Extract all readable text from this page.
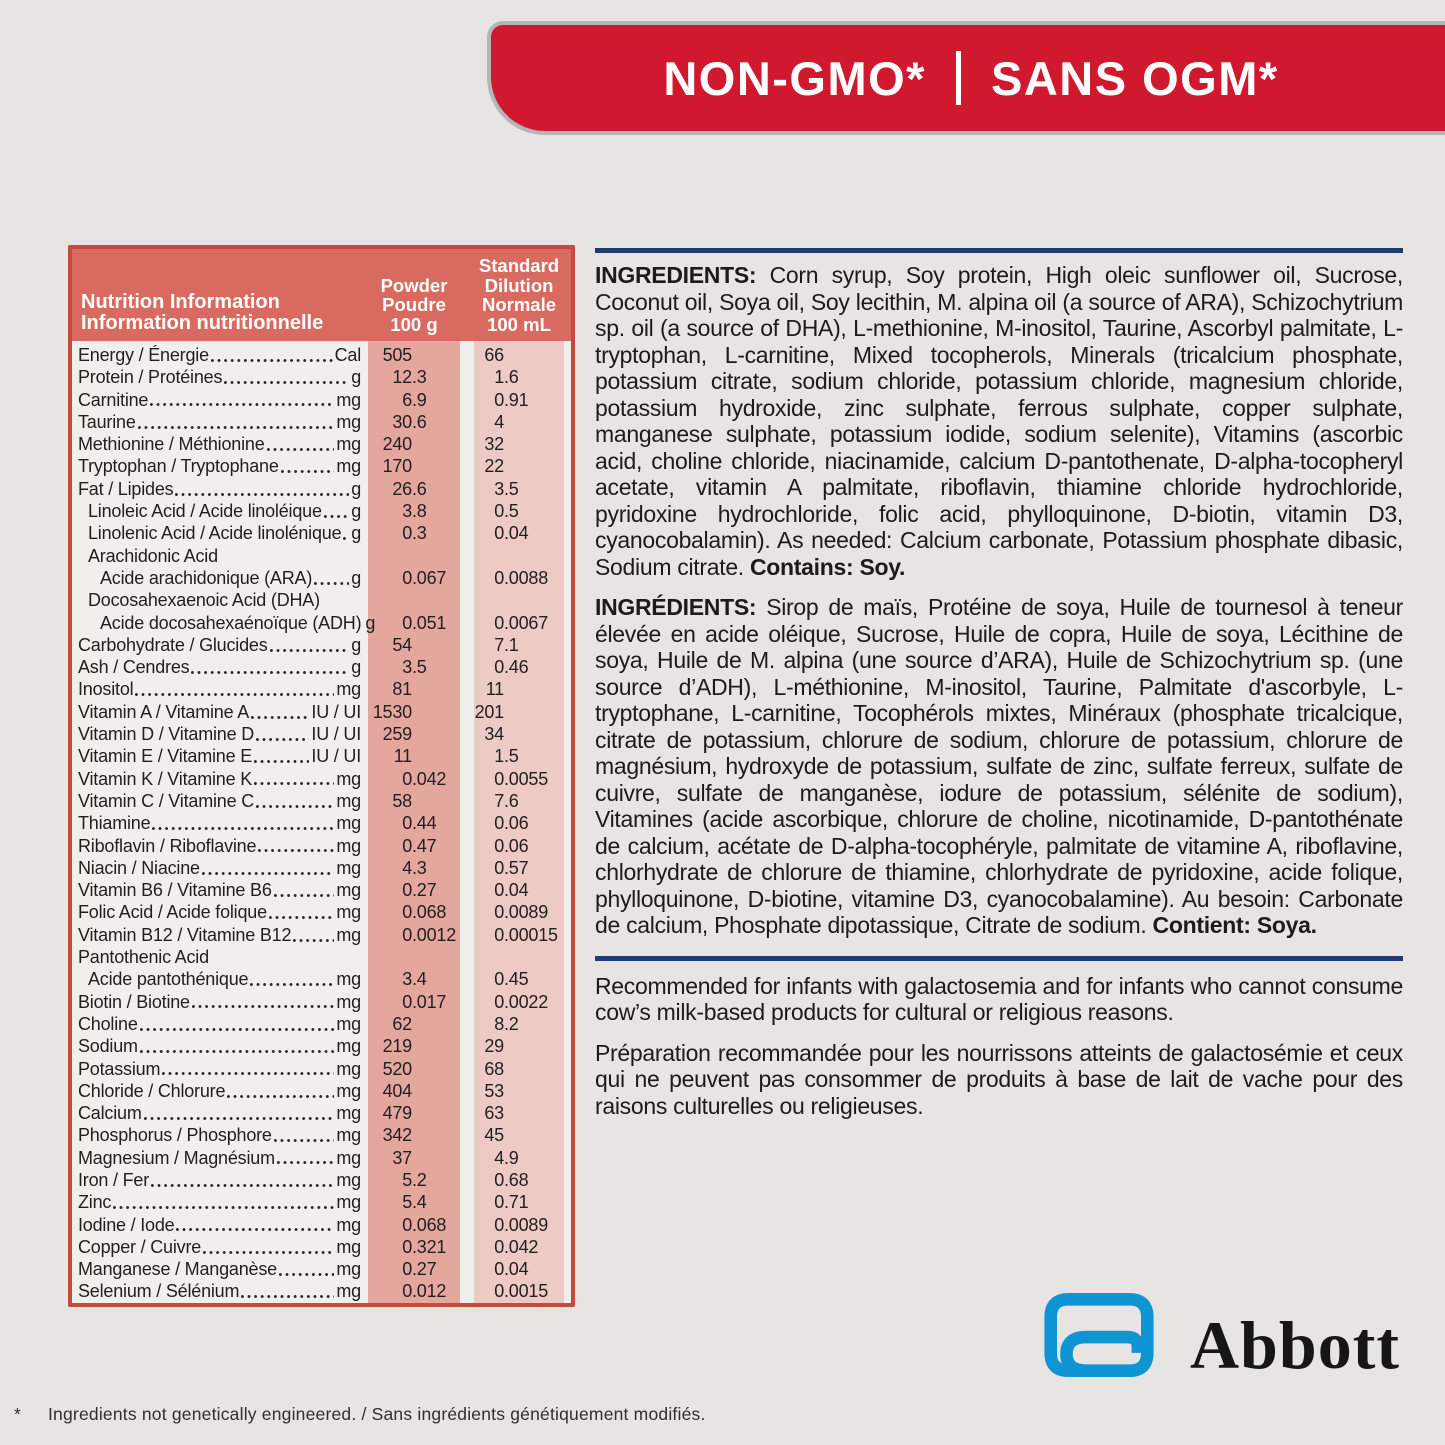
NON-GMO* SANS OGM*
Nutrition Information
Information nutritionnelle
Powder
Poudre
100 g
Standard
Dilution
Normale
100 mL
Energy / Énergie	Cal	505	66
Protein / Protéines	g	12 .3	1 .6
Carnitine	mg	6 .9	0 .91
Taurine	mg	30 .6	4
Methionine / Méthionine	mg	240	32
Tryptophan / Tryptophane	mg	170	22
Fat / Lipides	g	26 .6	3 .5
Linoleic Acid / Acide linoléique g	3 .8	0 .5
Linolenic Acid / Acide linolénique g	0 .3	0 .04
Arachidonic Acid
Acide arachidonique (ARA) g	0 .067	0 .0088
Docosahexaenoic Acid (DHA)
Acide docosahexaénoïque (ADH) g	0 .051	0 .0067
Carbohydrate / Glucides	g	54	7 .1
Ash / Cendres	g	3 .5	0 .46
Inositol	mg	81	11
Vitamin A / Vitamine A	IU / UI 1530	201
Vitamin D / Vitamine D	IU / UI	259	34
Vitamin E / Vitamine E	IU / UI	11	1 .5
Vitamin K / Vitamine K	mg	0 .042	0 .0055
Vitamin C / Vitamine C	mg	58	7 .6
Thiamine	mg	0 .44	0 .06
Riboflavin / Riboflavine	mg	0 .47	0 .06
Niacin / Niacine	mg	4 .3	0 .57
Vitamin B6 / Vitamine B6	mg	0 .27	0 .04
Folic Acid / Acide folique	mg	0 .068	0 .0089
Vitamin B12 / Vitamine B12	mg	0 .0012	0 .00015
Pantothenic Acid
Acide pantothénique	mg	3 .4	0 .45
Biotin / Biotine	mg	0 .017	0 .0022
Choline	mg	62	8 .2
Sodium	mg	219	29
Potassium	mg	520	68
Chloride / Chlorure	mg	404	53
Calcium	mg	479	63
Phosphorus / Phosphore	mg	342	45
Magnesium / Magnésium	mg	37	4 .9
Iron / Fer	mg	5 .2	0 .68
Zinc	mg	5 .4	0 .71
Iodine / Iode	mg	0 .068	0 .0089
Copper / Cuivre	mg	0 .321	0 .042
Manganese / Manganèse	mg	0 .27	0 .04
Selenium / Sélénium	mg	0 .012	0 .0015

INGREDIENTS: Corn syrup, Soy protein, High oleic sunflower oil, Sucrose, Coconut oil, Soya oil, Soy lecithin, M. alpina oil (a source of ARA), Schizochytrium sp. oil (a source of DHA), L-methionine, M-inositol, Taurine, Ascorbyl palmitate, L-tryptophan, L-carnitine, Mixed tocopherols, Minerals (tricalcium phosphate, potassium citrate, sodium chloride, potassium chloride, magnesium chloride, potassium hydroxide, zinc sulphate, ferrous sulphate, copper sulphate, manganese sulphate, potassium iodide, sodium selenite), Vitamins (ascorbic acid, choline chloride, niacinamide, calcium D-pantothenate, D-alpha-tocopheryl acetate, vitamin A palmitate, riboflavin, thiamine chloride hydrochloride, pyridoxine hydrochloride, folic acid, phylloquinone, D-biotin, vitamin D3, cyanocobalamin). As needed: Calcium carbonate, Potassium phosphate dibasic, Sodium citrate. Contains: Soy.

INGRÉDIENTS: Sirop de maïs, Protéine de soya, Huile de tournesol à teneur élevée en acide oléique, Sucrose, Huile de copra, Huile de soya, Lécithine de soya, Huile de M. alpina (une source d’ARA), Huile de Schizochytrium sp. (une source d’ADH), L-méthionine, M-inositol, Taurine, Palmitate d'ascorbyle, L-tryptophane, L-carnitine, Tocophérols mixtes, Minéraux (phosphate tricalcique, citrate de potassium, chlorure de sodium, chlorure de potassium, chlorure de magnésium, hydroxyde de potassium, sulfate de zinc, sulfate ferreux, sulfate de cuivre, sulfate de manganèse, iodure de potassium, sélénite de sodium), Vitamines (acide ascorbique, chlorure de choline, nicotinamide, D-pantothénate de calcium, acétate de D-alpha-tocophéryle, palmitate de vitamine A, riboflavine, chlorhydrate de chlorure de thiamine, chlorhydrate de pyridoxine, acide folique, phylloquinone, D-biotine, vitamine D3, cyanocobalamine). Au besoin: Carbonate de calcium, Phosphate dipotassique, Citrate de sodium. Contient: Soya.

Recommended for infants with galactosemia and for infants who cannot consume cow’s milk-based products for cultural or religious reasons.

Préparation recommandée pour les nourrissons atteints de galactosémie et ceux qui ne peuvent pas consommer de produits à base de lait de vache pour des raisons culturelles ou religieuses.

Abbott
* Ingredients not genetically engineered. / Sans ingrédients génétiquement modifiés.
